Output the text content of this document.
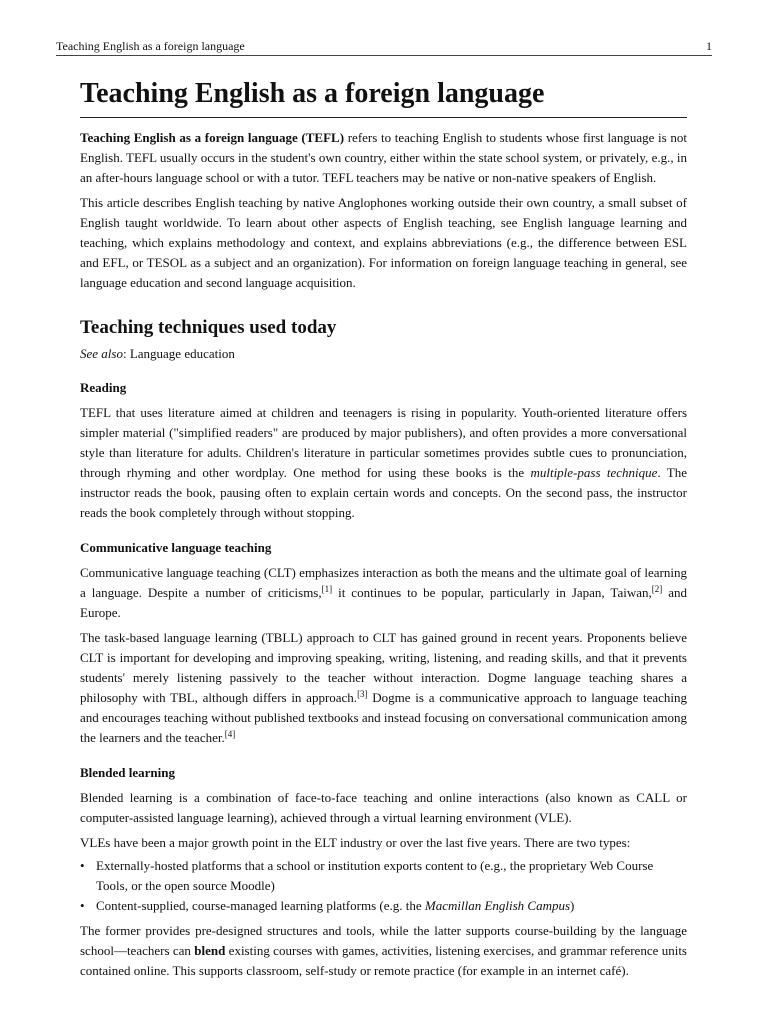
Teaching English as a foreign language	1
Teaching English as a foreign language

Teaching English as a foreign language (TEFL) refers to teaching English to students whose first language is not English. TEFL usually occurs in the student's own country, either within the state school system, or privately, e.g., in an after-hours language school or with a tutor. TEFL teachers may be native or non-native speakers of English.

This article describes English teaching by native Anglophones working outside their own country, a small subset of English taught worldwide. To learn about other aspects of English teaching, see English language learning and teaching, which explains methodology and context, and explains abbreviations (e.g., the difference between ESL and EFL, or TESOL as a subject and an organization). For information on foreign language teaching in general, see language education and second language acquisition.

Teaching techniques used today
See also: Language education
Reading

TEFL that uses literature aimed at children and teenagers is rising in popularity. Youth-oriented literature offers simpler material ("simplified readers" are produced by major publishers), and often provides a more conversational style than literature for adults. Children's literature in particular sometimes provides subtle cues to pronunciation, through rhyming and other wordplay. One method for using these books is the multiple-pass technique. The instructor reads the book, pausing often to explain certain words and concepts. On the second pass, the instructor reads the book completely through without stopping.

Communicative language teaching

Communicative language teaching (CLT) emphasizes interaction as both the means and the ultimate goal of learning a language. Despite a number of criticisms,[1] it continues to be popular, particularly in Japan, Taiwan,[2] and Europe.

The task-based language learning (TBLL) approach to CLT has gained ground in recent years. Proponents believe CLT is important for developing and improving speaking, writing, listening, and reading skills, and that it prevents students' merely listening passively to the teacher without interaction. Dogme language teaching shares a philosophy with TBL, although differs in approach.[3] Dogme is a communicative approach to language teaching and encourages teaching without published textbooks and instead focusing on conversational communication among the learners and the teacher.[4]

Blended learning

Blended learning is a combination of face-to-face teaching and online interactions (also known as CALL or computer-assisted language learning), achieved through a virtual learning environment (VLE).

VLEs have been a major growth point in the ELT industry or over the last five years. There are two types:

• Externally-hosted platforms that a school or institution exports content to (e.g., the proprietary Web Course Tools, or the open source Moodle)
• Content-supplied, course-managed learning platforms (e.g. the Macmillan English Campus)

The former provides pre-designed structures and tools, while the latter supports course-building by the language school—teachers can blend existing courses with games, activities, listening exercises, and grammar reference units contained online. This supports classroom, self-study or remote practice (for example in an internet café).
